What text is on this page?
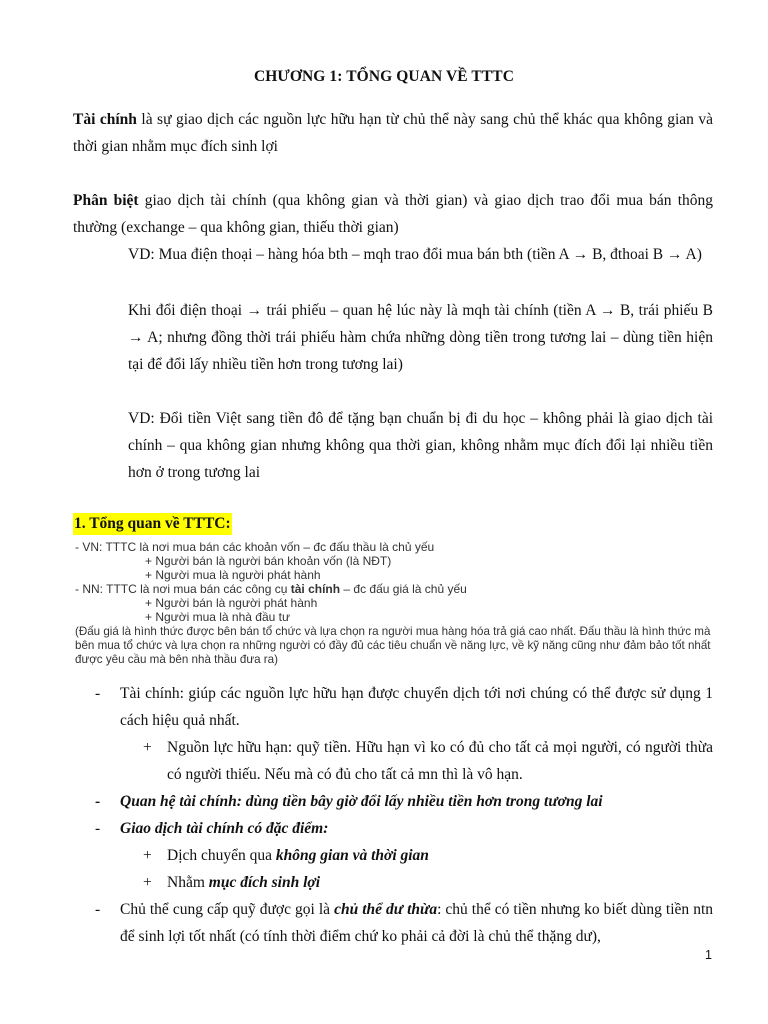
CHƯƠNG 1: TỔNG QUAN VỀ TTTC
Tài chính là sự giao dịch các nguồn lực hữu hạn từ chủ thể này sang chủ thể khác qua không gian và thời gian nhằm mục đích sinh lợi
Phân biệt giao dịch tài chính (qua không gian và thời gian) và giao dịch trao đổi mua bán thông thường (exchange – qua không gian, thiếu thời gian)
VD: Mua điện thoại – hàng hóa bth – mqh trao đổi mua bán bth (tiền A → B, đthoai B → A)
Khi đổi điện thoại → trái phiếu – quan hệ lúc này là mqh tài chính (tiền A → B, trái phiếu B → A; nhưng đồng thời trái phiếu hàm chứa những dòng tiền trong tương lai – dùng tiền hiện tại để đổi lấy nhiều tiền hơn trong tương lai)
VD: Đổi tiền Việt sang tiền đô để tặng bạn chuẩn bị đi du học – không phải là giao dịch tài chính – qua không gian nhưng không qua thời gian, không nhằm mục đích đổi lại nhiều tiền hơn ở trong tương lai
1. Tổng quan về TTTC:
- VN: TTTC là nơi mua bán các khoản vốn – đc đấu thầu là chủ yếu
+ Người bán là người bán khoản vốn (là NĐT)
+ Người mua là người phát hành
- NN: TTTC là nơi mua bán các công cụ tài chính – đc đấu giá là chủ yếu
+ Người bán là người phát hành
+ Người mua là nhà đầu tư
(Đấu giá là hình thức được bên bán tổ chức và lựa chọn ra người mua hàng hóa trả giá cao nhất. Đấu thầu là hình thức mà bên mua tổ chức và lựa chọn ra những người có đầy đủ các tiêu chuẩn về năng lực, về kỹ năng cũng như đảm bảo tốt nhất được yêu cầu mà bên nhà thầu đưa ra)
- Tài chính: giúp các nguồn lực hữu hạn được chuyển dịch tới nơi chúng có thể được sử dụng 1 cách hiệu quả nhất.
+ Nguồn lực hữu hạn: quỹ tiền. Hữu hạn vì ko có đủ cho tất cả mọi người, có người thừa có người thiếu. Nếu mà có đủ cho tất cả mn thì là vô hạn.
- Quan hệ tài chính: dùng tiền bây giờ đổi lấy nhiều tiền hơn trong tương lai
- Giao dịch tài chính có đặc điểm:
+ Dịch chuyển qua không gian và thời gian
+ Nhằm mục đích sinh lợi
- Chủ thể cung cấp quỹ được gọi là chủ thể dư thừa: chủ thể có tiền nhưng ko biết dùng tiền ntn để sinh lợi tốt nhất (có tính thời điểm chứ ko phải cả đời là chủ thể thặng dư),
1
